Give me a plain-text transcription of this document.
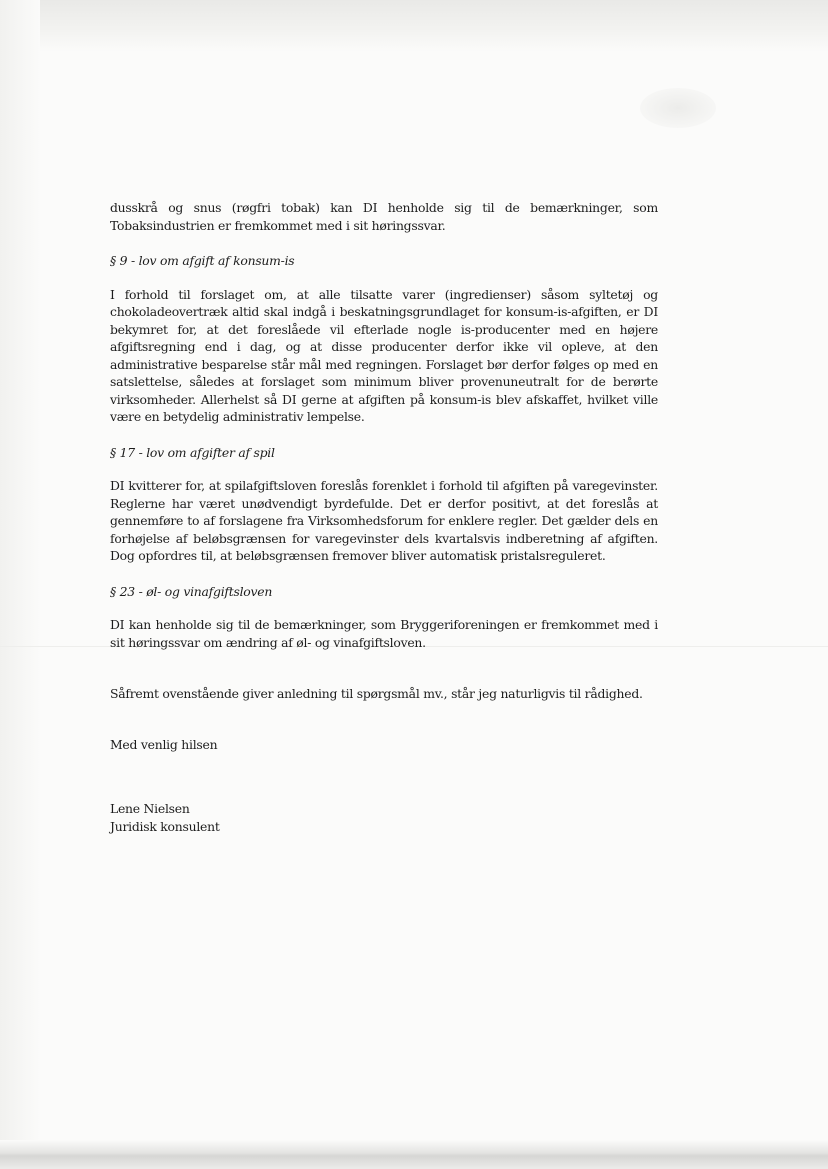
dusskrå og snus (røgfri tobak) kan DI henholde sig til de bemærkninger, som Tobaksindustrien er fremkommet med i sit høringssvar.

§ 9 - lov om afgift af konsum-is

I forhold til forslaget om, at alle tilsatte varer (ingredienser) såsom syltetøj og chokoladeovertræk altid skal indgå i beskatningsgrundlaget for konsum-is-afgiften, er DI bekymret for, at det foreslåede vil efterlade nogle is-producenter med en højere afgiftsregning end i dag, og at disse producenter derfor ikke vil opleve, at den administrative besparelse står mål med regningen. Forslaget bør derfor følges op med en satslettelse, således at forslaget som minimum bliver provenuneutralt for de berørte virksomheder. Allerhelst så DI gerne at afgiften på konsum-is blev afskaffet, hvilket ville være en betydelig administrativ lempelse.

§ 17 - lov om afgifter af spil

DI kvitterer for, at spilafgiftsloven foreslås forenklet i forhold til afgiften på varegevinster. Reglerne har været unødvendigt byrdefulde. Det er derfor positivt, at det foreslås at gennemføre to af forslagene fra Virksomhedsforum for enklere regler. Det gælder dels en forhøjelse af beløbsgrænsen for varegevinster dels kvartalsvis indberetning af afgiften. Dog opfordres til, at beløbsgrænsen fremover bliver automatisk pristalsreguleret.

§ 23 - øl- og vinafgiftsloven

DI kan henholde sig til de bemærkninger, som Bryggeriforeningen er fremkommet med i sit høringssvar om ændring af øl- og vinafgiftsloven.

Såfremt ovenstående giver anledning til spørgsmål mv., står jeg naturligvis til rådighed.

Med venlig hilsen

Lene Nielsen

Juridisk konsulent
